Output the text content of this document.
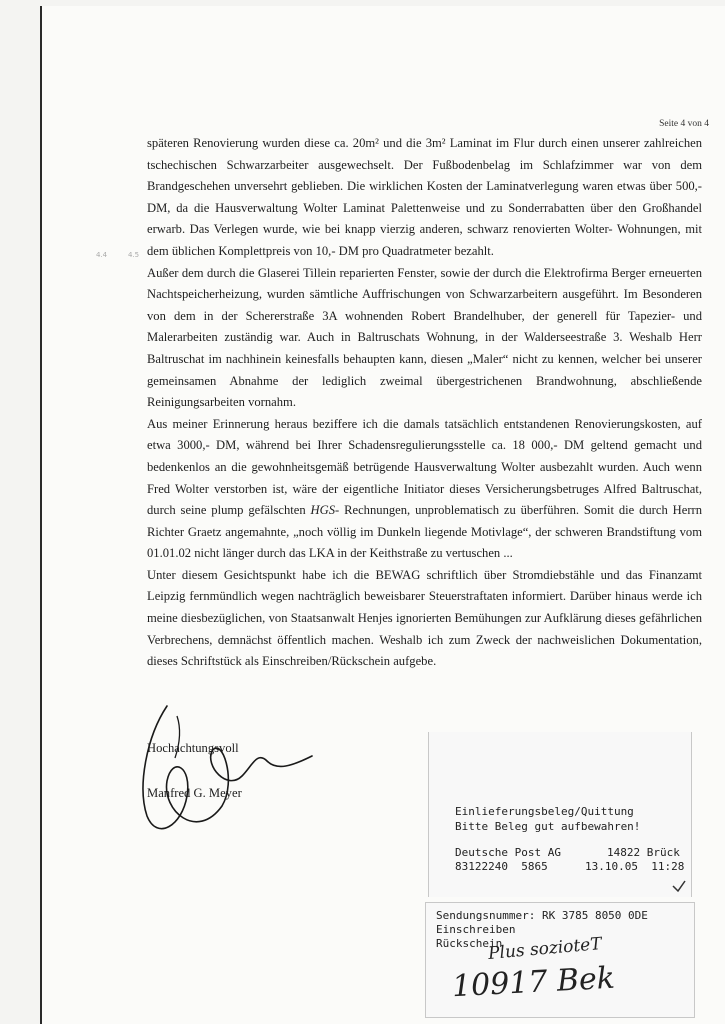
Seite 4 von 4
4.4	4.5

späteren Renovierung wurden diese ca. 20m² und die 3m² Laminat im Flur durch einen unserer zahlreichen tschechischen Schwarzarbeiter ausgewechselt. Der Fußbodenbelag im Schlafzimmer war von dem Brandgeschehen unversehrt geblieben. Die wirklichen Kosten der Laminatverlegung waren etwas über 500,- DM, da die Hausverwaltung Wolter Laminat Palettenweise und zu Sonderrabatten über den Großhandel erwarb. Das Verlegen wurde, wie bei knapp vierzig anderen, schwarz renovierten Wolter- Wohnungen, mit dem üblichen Komplettpreis von 10,- DM pro Quadratmeter bezahlt.

Außer dem durch die Glaserei Tillein reparierten Fenster, sowie der durch die Elektrofirma Berger erneuerten Nachtspeicherheizung, wurden sämtliche Auffrischungen von Schwarzarbeitern ausgeführt. Im Besonderen von dem in der Schererstraße 3A wohnenden Robert Brandelhuber, der generell für Tapezier- und Malerarbeiten zuständig war. Auch in Baltruschats Wohnung, in der Walderseestraße 3. Weshalb Herr Baltruschat im nachhinein keinesfalls behaupten kann, diesen „Maler“ nicht zu kennen, welcher bei unserer gemeinsamen Abnahme der lediglich zweimal übergestrichenen Brandwohnung, abschließende Reinigungsarbeiten vornahm.

Aus meiner Erinnerung heraus beziffere ich die damals tatsächlich entstandenen Renovierungskosten, auf etwa 3000,- DM, während bei Ihrer Schadensregulierungsstelle ca. 18 000,- DM geltend gemacht und bedenkenlos an die gewohnheitsgemäß betrügende Hausverwaltung Wolter ausbezahlt wurden. Auch wenn Fred Wolter verstorben ist, wäre der eigentliche Initiator dieses Versicherungsbetruges Alfred Baltruschat, durch seine plump gefälschten HGS- Rechnungen, unproblematisch zu überführen. Somit die durch Herrn Richter Graetz angemahnte, „noch völlig im Dunkeln liegende Motivlage“, der schweren Brandstiftung vom 01.01.02 nicht länger durch das LKA in der Keithstraße zu vertuschen ...

Unter diesem Gesichtspunkt habe ich die BEWAG schriftlich über Stromdiebstähle und das Finanzamt Leipzig fernmündlich wegen nachträglich beweisbarer Steuerstraftaten informiert. Darüber hinaus werde ich meine diesbezüglichen, von Staatsanwalt Henjes ignorierten Bemühungen zur Aufklärung dieses gefährlichen Verbrechens, demnächst öffentlich machen. Weshalb ich zum Zweck der nachweislichen Dokumentation, dieses Schriftstück als Einschreiben/Rückschein aufgebe.

Hochachtungsvoll
Manfred G. Meyer
Einlieferungsbeleg/Quittung
Bitte Beleg gut aufbewahren!
Deutsche Post AG	14822 Brück
83122240  5865	13.10.05  11:28
Sendungsnummer: RK 3785 8050 0DE
Einschreiben
Rückschein
Plus sozioteT
10917 Bek
